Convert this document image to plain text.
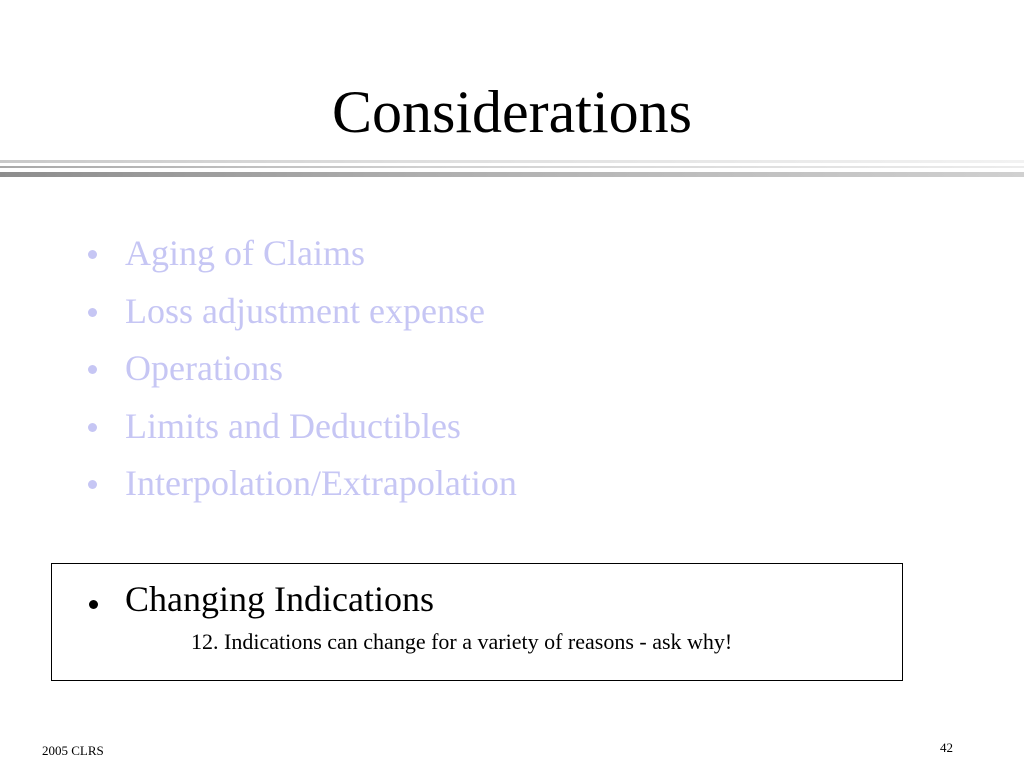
Considerations
Aging of Claims
Loss adjustment expense
Operations
Limits and Deductibles
Interpolation/Extrapolation
Changing Indications
12. Indications can change for a variety of reasons - ask why!
2005 CLRS	42
